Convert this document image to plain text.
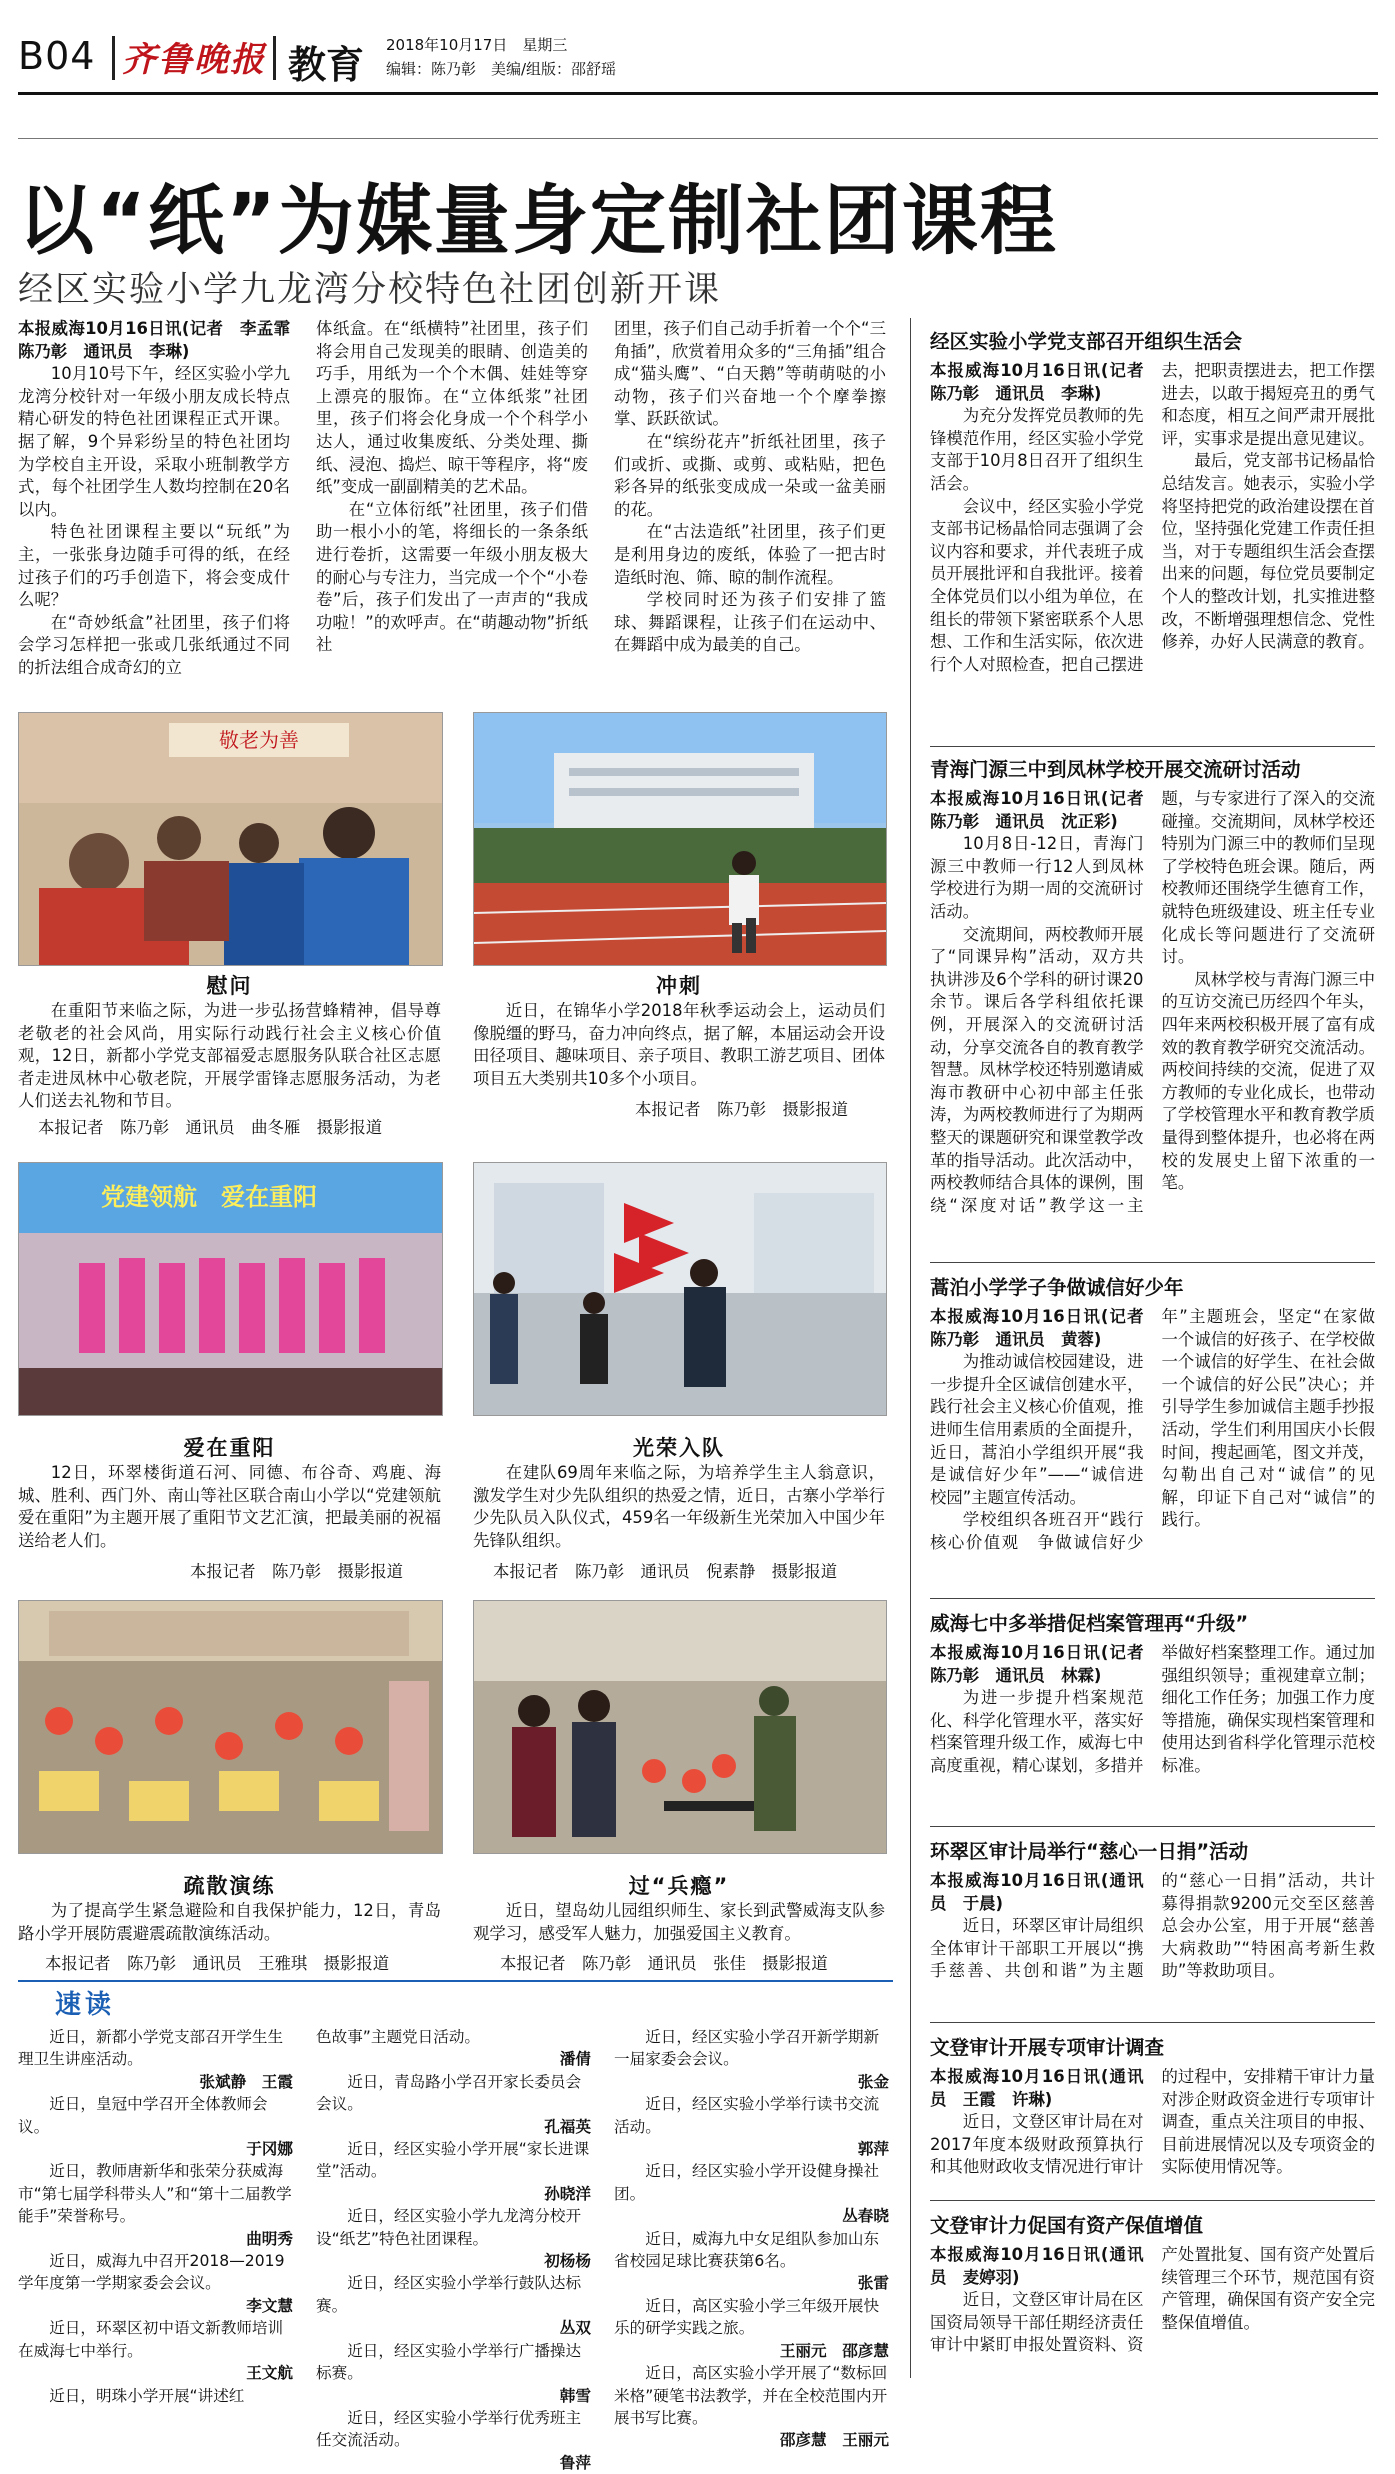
B04 齐鲁晚报 教育 2018年10月17日　星期三
编辑：陈乃彰　美编/组版：邵舒瑶
以“纸”为媒量身定制社团课程
经区实验小学九龙湾分校特色社团创新开课

本报威海10月16日讯(记者　李孟霏　陈乃彰　通讯员　李琳)

10月10号下午，经区实验小学九龙湾分校针对一年级小朋友成长特点精心研发的特色社团课程正式开课。据了解，9个异彩纷呈的特色社团均为学校自主开设，采取小班制教学方式，每个社团学生人数均控制在20名以内。

特色社团课程主要以“玩纸”为主，一张张身边随手可得的纸，在经过孩子们的巧手创造下，将会变成什么呢？

在“奇妙纸盒”社团里，孩子们将会学习怎样把一张或几张纸通过不同的折法组合成奇幻的立

体纸盒。在“纸横特”社团里，孩子们将会用自己发现美的眼睛、创造美的巧手，用纸为一个个木偶、娃娃等穿上漂亮的服饰。在“立体纸浆”社团里，孩子们将会化身成一个个科学小达人，通过收集废纸、分类处理、撕纸、浸泡、捣烂、晾干等程序，将“废纸”变成一副副精美的艺术品。

在“立体衍纸”社团里，孩子们借助一根小小的笔，将细长的一条条纸进行卷折，这需要一年级小朋友极大的耐心与专注力，当完成一个个“小卷卷”后，孩子们发出了一声声的“我成功啦！”的欢呼声。在“萌趣动物”折纸社

团里，孩子们自己动手折着一个个“三角插”，欣赏着用众多的“三角插”组合成“猫头鹰”、“白天鹅”等萌萌哒的小动物，孩子们兴奋地一个个摩拳擦掌、跃跃欲试。

在“缤纷花卉”折纸社团里，孩子们或折、或撕、或剪、或粘贴，把色彩各异的纸张变成成一朵或一盆美丽的花。

在“古法造纸”社团里，孩子们更是利用身边的废纸，体验了一把古时造纸时泡、筛、晾的制作流程。

学校同时还为孩子们安排了篮球、舞蹈课程，让孩子们在运动中、在舞蹈中成为最美的自己。

敬老为善
慰问

在重阳节来临之际，为进一步弘扬营蜂精神，倡导尊老敬老的社会风尚，用实际行动践行社会主义核心价值观，12日，新都小学党支部福爱志愿服务队联合社区志愿者走进凤林中心敬老院，开展学雷锋志愿服务活动，为老人们送去礼物和节目。

本报记者　陈乃彰　通讯员　曲冬雁　摄影报道
冲刺

近日，在锦华小学2018年秋季运动会上，运动员们像脱缰的野马，奋力冲向终点，据了解，本届运动会开设田径项目、趣味项目、亲子项目、教职工游艺项目、团体项目五大类别共10多个小项目。

本报记者　陈乃彰　摄影报道
党建领航　爱在重阳
爱在重阳

12日，环翠楼街道石河、同德、布谷奇、鸡鹿、海城、胜利、西门外、南山等社区联合南山小学以“党建领航　爱在重阳”为主题开展了重阳节文艺汇演，把最美丽的祝福送给老人们。

本报记者　陈乃彰　摄影报道
光荣入队

在建队69周年来临之际，为培养学生主人翁意识，激发学生对少先队组织的热爱之情，近日，古寨小学举行少先队员入队仪式，459名一年级新生光荣加入中国少年先锋队组织。

本报记者　陈乃彰　通讯员　倪素静　摄影报道
疏散演练

为了提高学生紧急避险和自我保护能力，12日，青岛路小学开展防震避震疏散演练活动。

本报记者　陈乃彰　通讯员　王雅琪　摄影报道
过“兵瘾”

近日，望岛幼儿园组织师生、家长到武警威海支队参观学习，感受军人魅力，加强爱国主义教育。

本报记者　陈乃彰　通讯员　张佳　摄影报道
经区实验小学党支部召开组织生活会

本报威海10月16日讯(记者　陈乃彰　通讯员　李琳)

为充分发挥党员教师的先锋模范作用，经区实验小学党支部于10月8日召开了组织生活会。

会议中，经区实验小学党支部书记杨晶恰同志强调了会议内容和要求，并代表班子成员开展批评和自我批评。接着全体党员们以小组为单位，在组长的带领下紧密联系个人思想、工作和生活实际，依次进行个人对照检查，把自己摆进去，把职责摆进去，把工作摆进去，以敢于揭短亮丑的勇气和态度，相互之间严肃开展批评，实事求是提出意见建议。

最后，党支部书记杨晶恰总结发言。她表示，实验小学将坚持把党的政治建设摆在首位，坚持强化党建工作责任担当，对于专题组织生活会查摆出来的问题，每位党员要制定个人的整改计划，扎实推进整改，不断增强理想信念、党性修养，办好人民满意的教育。

青海门源三中到凤林学校开展交流研讨活动

本报威海10月16日讯(记者　陈乃彰　通讯员　沈正彩)

10月8日-12日，青海门源三中教师一行12人到凤林学校进行为期一周的交流研讨活动。

交流期间，两校教师开展了“同课异构”活动，双方共执讲涉及6个学科的研讨课20余节。课后各学科组依托课例，开展深入的交流研讨活动，分享交流各自的教育教学智慧。凤林学校还特别邀请威海市教研中心初中部主任张涛，为两校教师进行了为期两整天的课题研究和课堂教学改革的指导活动。此次活动中，两校教师结合具体的课例，围绕“深度对话”教学这一主题，与专家进行了深入的交流碰撞。交流期间，凤林学校还特别为门源三中的教师们呈现了学校特色班会课。随后，两校教师还围绕学生德育工作，就特色班级建设、班主任专业化成长等问题进行了交流研讨。

凤林学校与青海门源三中的互访交流已历经四个年头，四年来两校积极开展了富有成效的教育教学研究交流活动。两校间持续的交流，促进了双方教师的专业化成长，也带动了学校管理水平和教育教学质量得到整体提升，也必将在两校的发展史上留下浓重的一笔。

蒿泊小学学子争做诚信好少年

本报威海10月16日讯(记者　陈乃彰　通讯员　黄蓉)

为推动诚信校园建设，进一步提升全区诚信创建水平，践行社会主义核心价值观，推进师生信用素质的全面提升，近日，蒿泊小学组织开展“我是诚信好少年”——“诚信进校园”主题宣传活动。

学校组织各班召开“践行核心价值观　争做诚信好少年”主题班会，坚定“在家做一个诚信的好孩子、在学校做一个诚信的好学生、在社会做一个诚信的好公民”决心；并引导学生参加诚信主题手抄报活动，学生们利用国庆小长假时间，搜起画笔，图文并茂，勾勒出自己对“诚信”的见解，印证下自己对“诚信”的践行。

威海七中多举措促档案管理再“升级”

本报威海10月16日讯(记者　陈乃彰　通讯员　林霖)

为进一步提升档案规范化、科学化管理水平，落实好档案管理升级工作，威海七中高度重视，精心谋划，多措并举做好档案整理工作。通过加强组织领导；重视建章立制；细化工作任务；加强工作力度等措施，确保实现档案管理和使用达到省科学化管理示范校标准。

环翠区审计局举行“慈心一日捐”活动

本报威海10月16日讯(通讯员　于晨)

近日，环翠区审计局组织全体审计干部职工开展以“携手慈善、共创和谐”为主题的“慈心一日捐”活动，共计募得捐款9200元交至区慈善总会办公室，用于开展“慈善大病救助”“特困高考新生救助”等救助项目。

文登审计开展专项审计调查

本报威海10月16日讯(通讯员　王霞　许琳)

近日，文登区审计局在对2017年度本级财政预算执行和其他财政收支情况进行审计的过程中，安排精干审计力量对涉企财政资金进行专项审计调查，重点关注项目的申报、目前进展情况以及专项资金的实际使用情况等。

文登审计力促国有资产保值增值

本报威海10月16日讯(通讯员　麦婷羽)

近日，文登区审计局在区国资局领导干部任期经济责任审计中紧盯申报处置资料、资产处置批复、国有资产处置后续管理三个环节，规范国有资产管理，确保国有资产安全完整保值增值。

速读

近日，新都小学党支部召开学生生理卫生讲座活动。

张斌静　王霞

近日，皇冠中学召开全体教师会议。

于冈娜

近日，教师唐新华和张荣分获威海市“第七届学科带头人”和“第十二届教学能手”荣誉称号。

曲明秀

近日，威海九中召开2018—2019学年度第一学期家委会会议。

李文慧

近日，环翠区初中语文新教师培训在威海七中举行。

王文航

近日，明珠小学开展“讲述红

色故事”主题党日活动。

潘倩

近日，青岛路小学召开家长委员会会议。

孔福英

近日，经区实验小学开展“家长进课堂”活动。

孙晓洋

近日，经区实验小学九龙湾分校开设“纸艺”特色社团课程。

初杨杨

近日，经区实验小学举行鼓队达标赛。

丛双

近日，经区实验小学举行广播操达标赛。

韩雪

近日，经区实验小学举行优秀班主任交流活动。

鲁萍

近日，经区实验小学召开新学期新一届家委会会议。

张金

近日，经区实验小学举行读书交流活动。

郭萍

近日，经区实验小学开设健身操社团。

丛春晓

近日，威海九中女足组队参加山东省校园足球比赛获第6名。

张雷

近日，高区实验小学三年级开展快乐的研学实践之旅。

王丽元　邵彦慧

近日，高区实验小学开展了“数标回米格”硬笔书法教学，并在全校范围内开展书写比赛。

邵彦慧　王丽元
